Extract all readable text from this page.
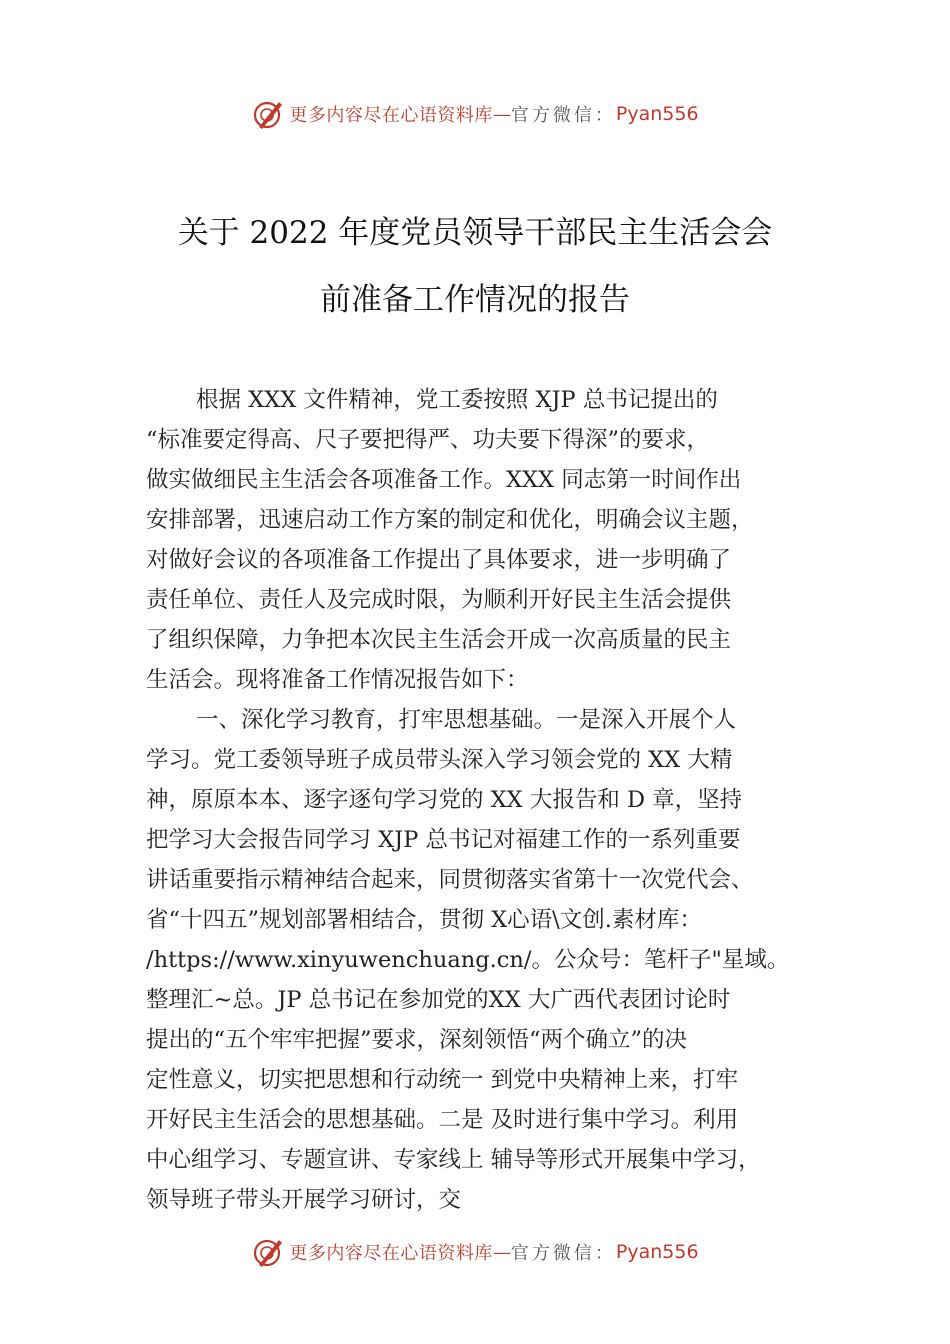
更多内容尽在心语资料库 — 官方微信： Pyan556
关于 2022 年度党员领导干部民主生活会会
前准备工作情况的报告
根据 XXX 文件精神，党工委按照 XJP 总书记提出的
“标准要定得高、尺子要把得严、功夫要下得深”的要求，
做实做细民主生活会各项准备工作。XXX 同志第一时间作出
安排部署，迅速启动工作方案的制定和优化，明确会议主题，
对做好会议的各项准备工作提出了具体要求，进一步明确了
责任单位、责任人及完成时限，为顺利开好民主生活会提供
了组织保障，力争把本次民主生活会开成一次高质量的民主
生活会。现将准备工作情况报告如下：
一、深化学习教育，打牢思想基础。一是深入开展个人
学习。党工委领导班子成员带头深入学习领会党的 XX 大精
神，原原本本、逐字逐句学习党的 XX 大报告和 D 章，坚持
把学习大会报告同学习 XJP 总书记对福建工作的一系列重要
讲话重要指示精神结合起来，同贯彻落实省第十一次党代会、
省“十四五”规划部署相结合，贯彻 X心语\文创.素材库：
/https://www.xinyuwenchuang.cn/。公众号：笔杆子"星域。
整理汇~总。JP 总书记在参加党的XX 大广西代表团讨论时
提出的“五个牢牢把握”要求，深刻领悟“两个确立”的决
定性意义，切实把思想和行动统一 到党中央精神上来，打牢
开好民主生活会的思想基础。二是 及时进行集中学习。利用
中心组学习、专题宣讲、专家线上 辅导等形式开展集中学习，
领导班子带头开展学习研讨，交
更多内容尽在心语资料库 — 官方微信： Pyan556
